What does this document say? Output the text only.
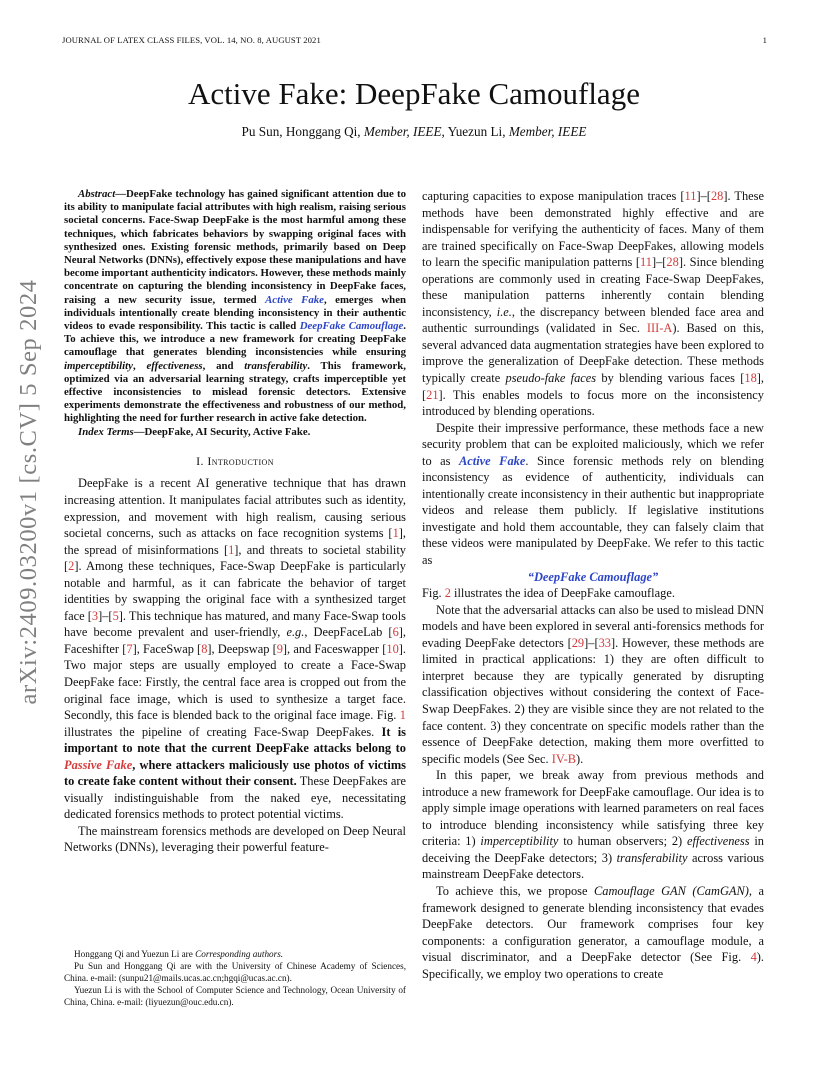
JOURNAL OF LATEX CLASS FILES, VOL. 14, NO. 8, AUGUST 2021	1
Active Fake: DeepFake Camouflage
Pu Sun, Honggang Qi, Member, IEEE, Yuezun Li, Member, IEEE
arXiv:2409.03200v1 [cs.CV] 5 Sep 2024

Abstract—DeepFake technology has gained significant attention due to its ability to manipulate facial attributes with high realism, raising serious societal concerns. Face-Swap DeepFake is the most harmful among these techniques, which fabricates behaviors by swapping original faces with synthesized ones. Existing forensic methods, primarily based on Deep Neural Networks (DNNs), effectively expose these manipulations and have become important authenticity indicators. However, these methods mainly concentrate on capturing the blending inconsistency in DeepFake faces, raising a new security issue, termed Active Fake, emerges when individuals intentionally create blending inconsistency in their authentic videos to evade responsibility. This tactic is called DeepFake Camouflage. To achieve this, we introduce a new framework for creating DeepFake camouflage that generates blending inconsistencies while ensuring imperceptibility, effectiveness, and transferability. This framework, optimized via an adversarial learning strategy, crafts imperceptible yet effective inconsistencies to mislead forensic detectors. Extensive experiments demonstrate the effectiveness and robustness of our method, highlighting the need for further research in active fake detection.

Index Terms—DeepFake, AI Security, Active Fake.

I. Introduction

DeepFake is a recent AI generative technique that has drawn increasing attention. It manipulates facial attributes such as identity, expression, and movement with high realism, causing serious societal concerns, such as attacks on face recognition systems [1], the spread of misinformations [1], and threats to societal stability [2]. Among these techniques, Face-Swap DeepFake is particularly notable and harmful, as it can fabricate the behavior of target identities by swapping the original face with a synthesized target face [3]–[5]. This technique has matured, and many Face-Swap tools have become prevalent and user-friendly, e.g., DeepFaceLab [6], Faceshifter [7], FaceSwap [8], Deepswap [9], and Faceswapper [10]. Two major steps are usually employed to create a Face-Swap DeepFake face: Firstly, the central face area is cropped out from the original face image, which is used to synthesize a target face. Secondly, this face is blended back to the original face image. Fig. 1 illustrates the pipeline of creating Face-Swap DeepFakes. It is important to note that the current DeepFake attacks belong to Passive Fake, where attackers maliciously use photos of victims to create fake content without their consent. These DeepFakes are visually indistinguishable from the naked eye, necessitating dedicated forensics methods to protect potential victims.

The mainstream forensics methods are developed on Deep Neural Networks (DNNs), leveraging their powerful feature-

Honggang Qi and Yuezun Li are Corresponding authors.

Pu Sun and Honggang Qi are with the University of Chinese Academy of Sciences, China. e-mail: (sunpu21@mails.ucas.ac.cn;hgqi@ucas.ac.cn).

Yuezun Li is with the School of Computer Science and Technology, Ocean University of China, China. e-mail: (liyuezun@ouc.edu.cn).

capturing capacities to expose manipulation traces [11]–[28]. These methods have been demonstrated highly effective and are indispensable for verifying the authenticity of faces. Many of them are trained specifically on Face-Swap DeepFakes, allowing models to learn the specific manipulation patterns [11]–[28]. Since blending operations are commonly used in creating Face-Swap DeepFakes, these manipulation patterns inherently contain blending inconsistency, i.e., the discrepancy between blended face area and authentic surroundings (validated in Sec. III-A). Based on this, several advanced data augmentation strategies have been explored to improve the generalization of DeepFake detection. These methods typically create pseudo-fake faces by blending various faces [18], [21]. This enables models to focus more on the inconsistency introduced by blending operations.

Despite their impressive performance, these methods face a new security problem that can be exploited maliciously, which we refer to as Active Fake. Since forensic methods rely on blending inconsistency as evidence of authenticity, individuals can intentionally create inconsistency in their authentic but inappropriate videos and release them publicly. If legislative institutions investigate and hold them accountable, they can falsely claim that these videos were manipulated by DeepFake. We refer to this tactic as

“DeepFake Camouflage”

Fig. 2 illustrates the idea of DeepFake camouflage.

Note that the adversarial attacks can also be used to mislead DNN models and have been explored in several anti-forensics methods for evading DeepFake detectors [29]–[33]. However, these methods are limited in practical applications: 1) they are often difficult to interpret because they are typically generated by disrupting classification objectives without considering the context of Face-Swap DeepFakes. 2) they are visible since they are not related to the face content. 3) they concentrate on specific models rather than the essence of DeepFake detection, making them more overfitted to specific models (See Sec. IV-B).

In this paper, we break away from previous methods and introduce a new framework for DeepFake camouflage. Our idea is to apply simple image operations with learned parameters on real faces to introduce blending inconsistency while satisfying three key criteria: 1) imperceptibility to human observers; 2) effectiveness in deceiving the DeepFake detectors; 3) transferability across various mainstream DeepFake detectors.

To achieve this, we propose Camouflage GAN (CamGAN), a framework designed to generate blending inconsistency that evades DeepFake detectors. Our framework comprises four key components: a configuration generator, a camouflage module, a visual discriminator, and a DeepFake detector (See Fig. 4). Specifically, we employ two operations to create
